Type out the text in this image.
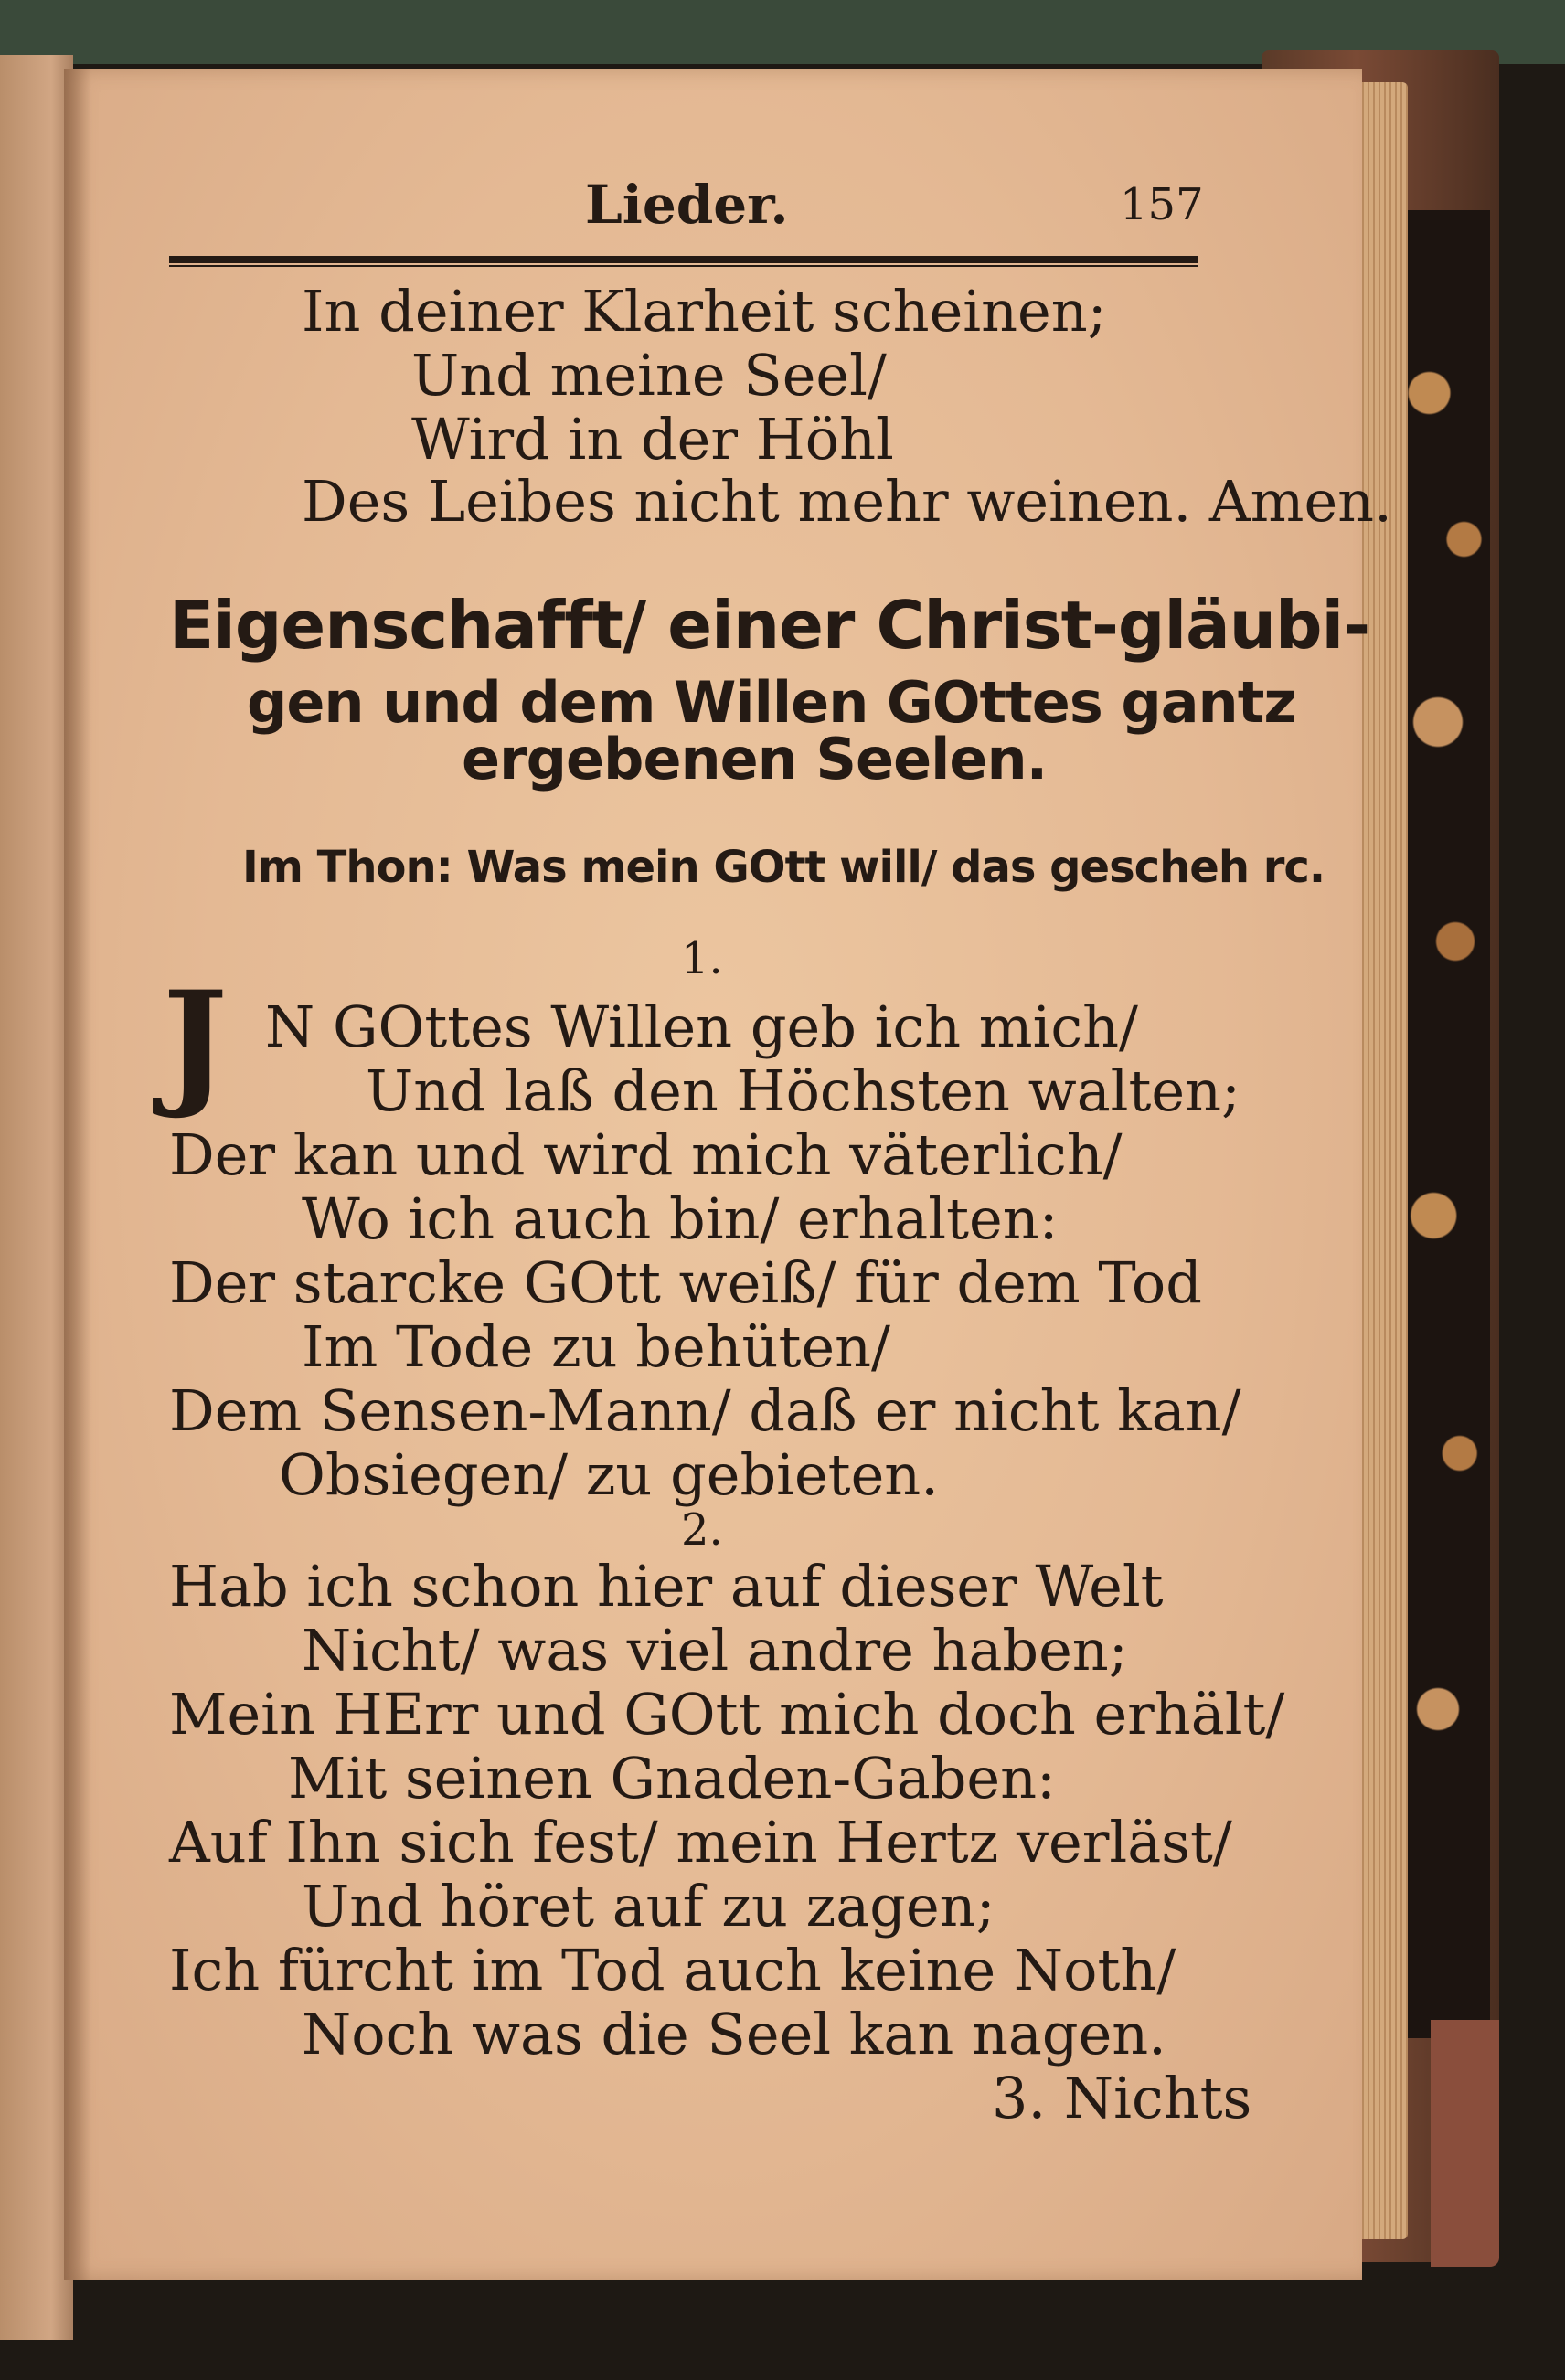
Lieder.	157
In deiner Klarheit scheinen;
Und meine Seel/
Wird in der Höhl
Des Leibes nicht mehr weinen. Amen.
Eigenschafft/ einer Christ-gläubi-
gen und dem Willen GOttes gantz
ergebenen Seelen.
Im Thon: Was mein GOtt will/ das gescheh rc.
1.
J N GOttes Willen geb ich mich/
Und laß den Höchsten walten;
Der kan und wird mich väterlich/
Wo ich auch bin/ erhalten:
Der starcke GOtt weiß/ für dem Tod
Im Tode zu behüten/
Dem Sensen-Mann/ daß er nicht kan/
Obsiegen/ zu gebieten.
2.
Hab ich schon hier auf dieser Welt
Nicht/ was viel andre haben;
Mein HErr und GOtt mich doch erhält/
Mit seinen Gnaden-Gaben:
Auf Ihn sich fest/ mein Hertz verläst/
Und höret auf zu zagen;
Ich fürcht im Tod auch keine Noth/
Noch was die Seel kan nagen.
3. Nichts
